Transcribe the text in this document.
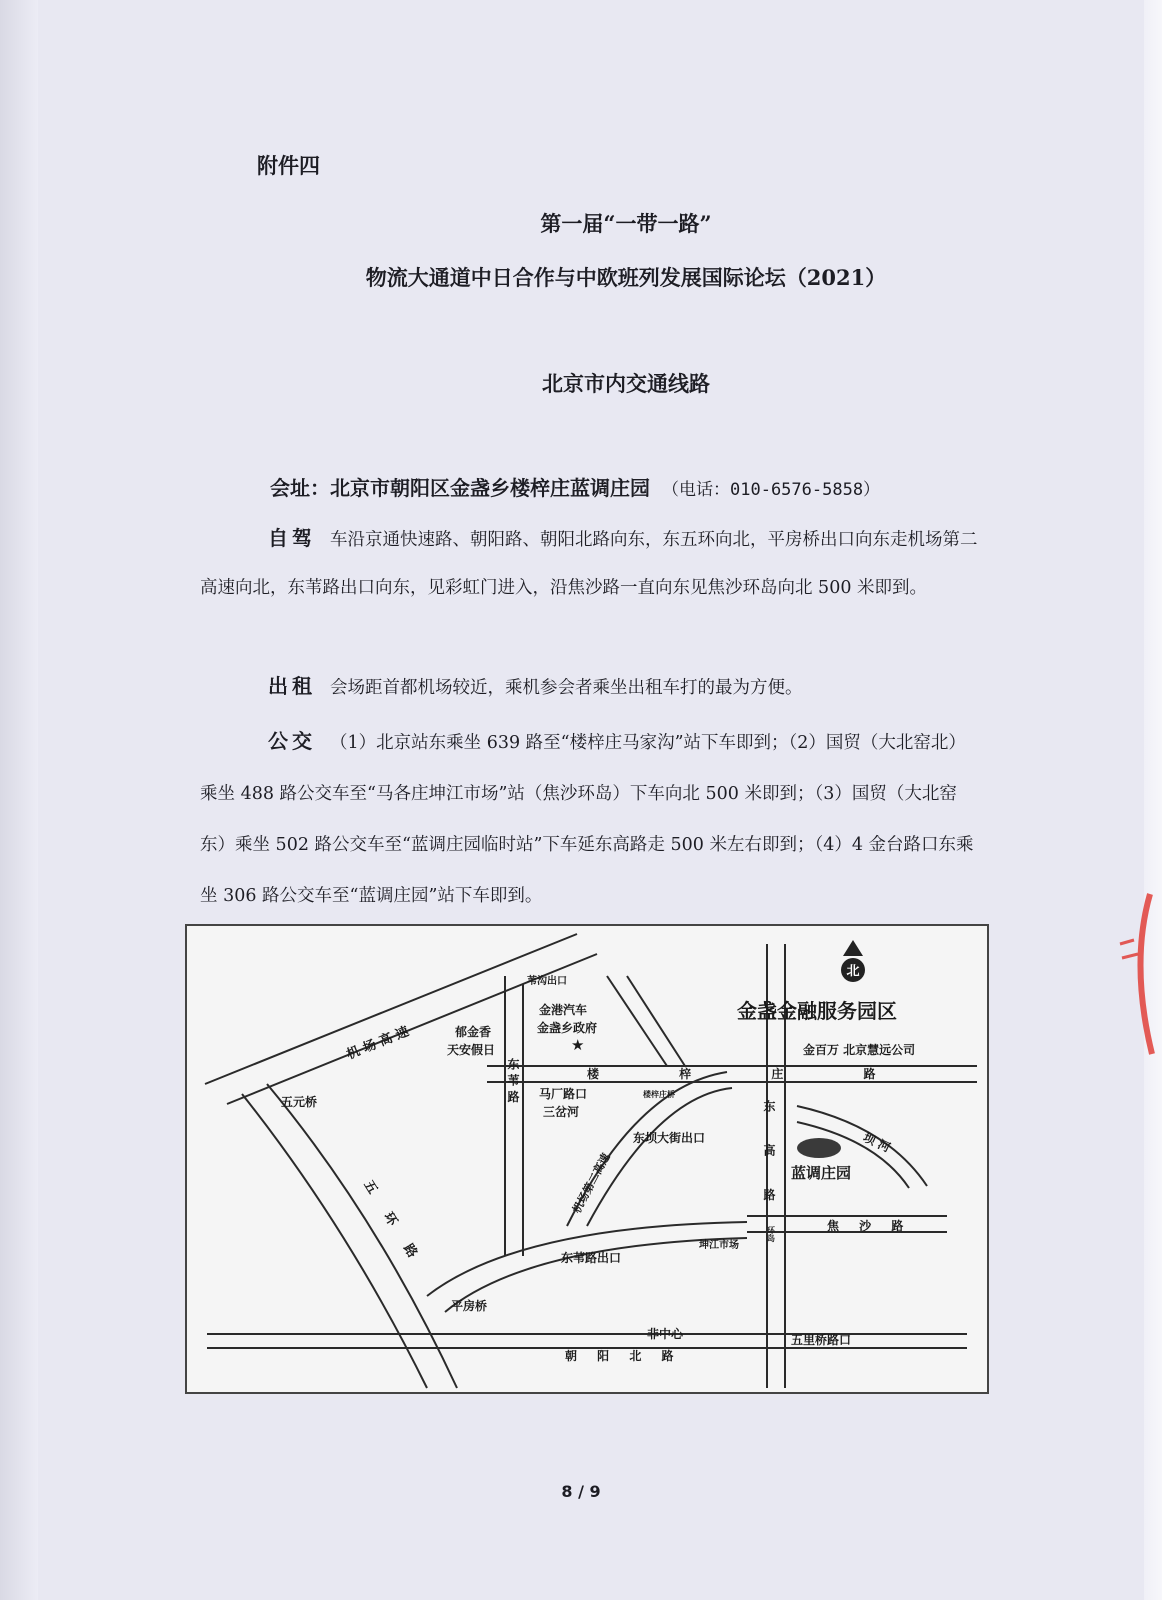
附件四
第一届“一带一路”
物流大通道中日合作与中欧班列发展国际论坛（2021）
北京市内交通线路
会址：北京市朝阳区金盏乡楼梓庄蓝调庄园 （电话：010-6576-5858）
自驾 车沿京通快速路、朝阳路、朝阳北路向东，东五环向北，平房桥出口向东走机场第二高速向北，东苇路出口向东，见彩虹门进入，沿焦沙路一直向东见焦沙环岛向北 500 米即到。
出租 会场距首都机场较近，乘机参会者乘坐出租车打的最为方便。
公交 （1）北京站东乘坐 639 路至“楼梓庄马家沟”站下车即到；（2）国贸（大北窑北）乘坐 488 路公交车至“马各庄坤江市场”站（焦沙环岛）下车向北 500 米即到；（3）国贸（大北窑东）乘坐 502 路公交车至“蓝调庄园临时站”下车延东高路走 500 米左右即到；（4）4 金台路口东乘坐 306 路公交车至“蓝调庄园”站下车即到。
北
金盏金融服务园区
金百万 北京慧远公司
机 场 高 速	郁金香
天安假日
苇沟出口
金港汽车
金盏乡政府
★
东 苇 路	楼 梓 庄 路
五元桥
马厂路口
三岔河
楼梓庄桥
机场第二高速
东坝大街出口	东 高 路	坝 河
蓝调庄园
五 环 路	环岛	焦 沙 路
坤江市场
东苇路出口
平房桥
非中心	五里桥路口
朝 阳 北 路
8 / 9
